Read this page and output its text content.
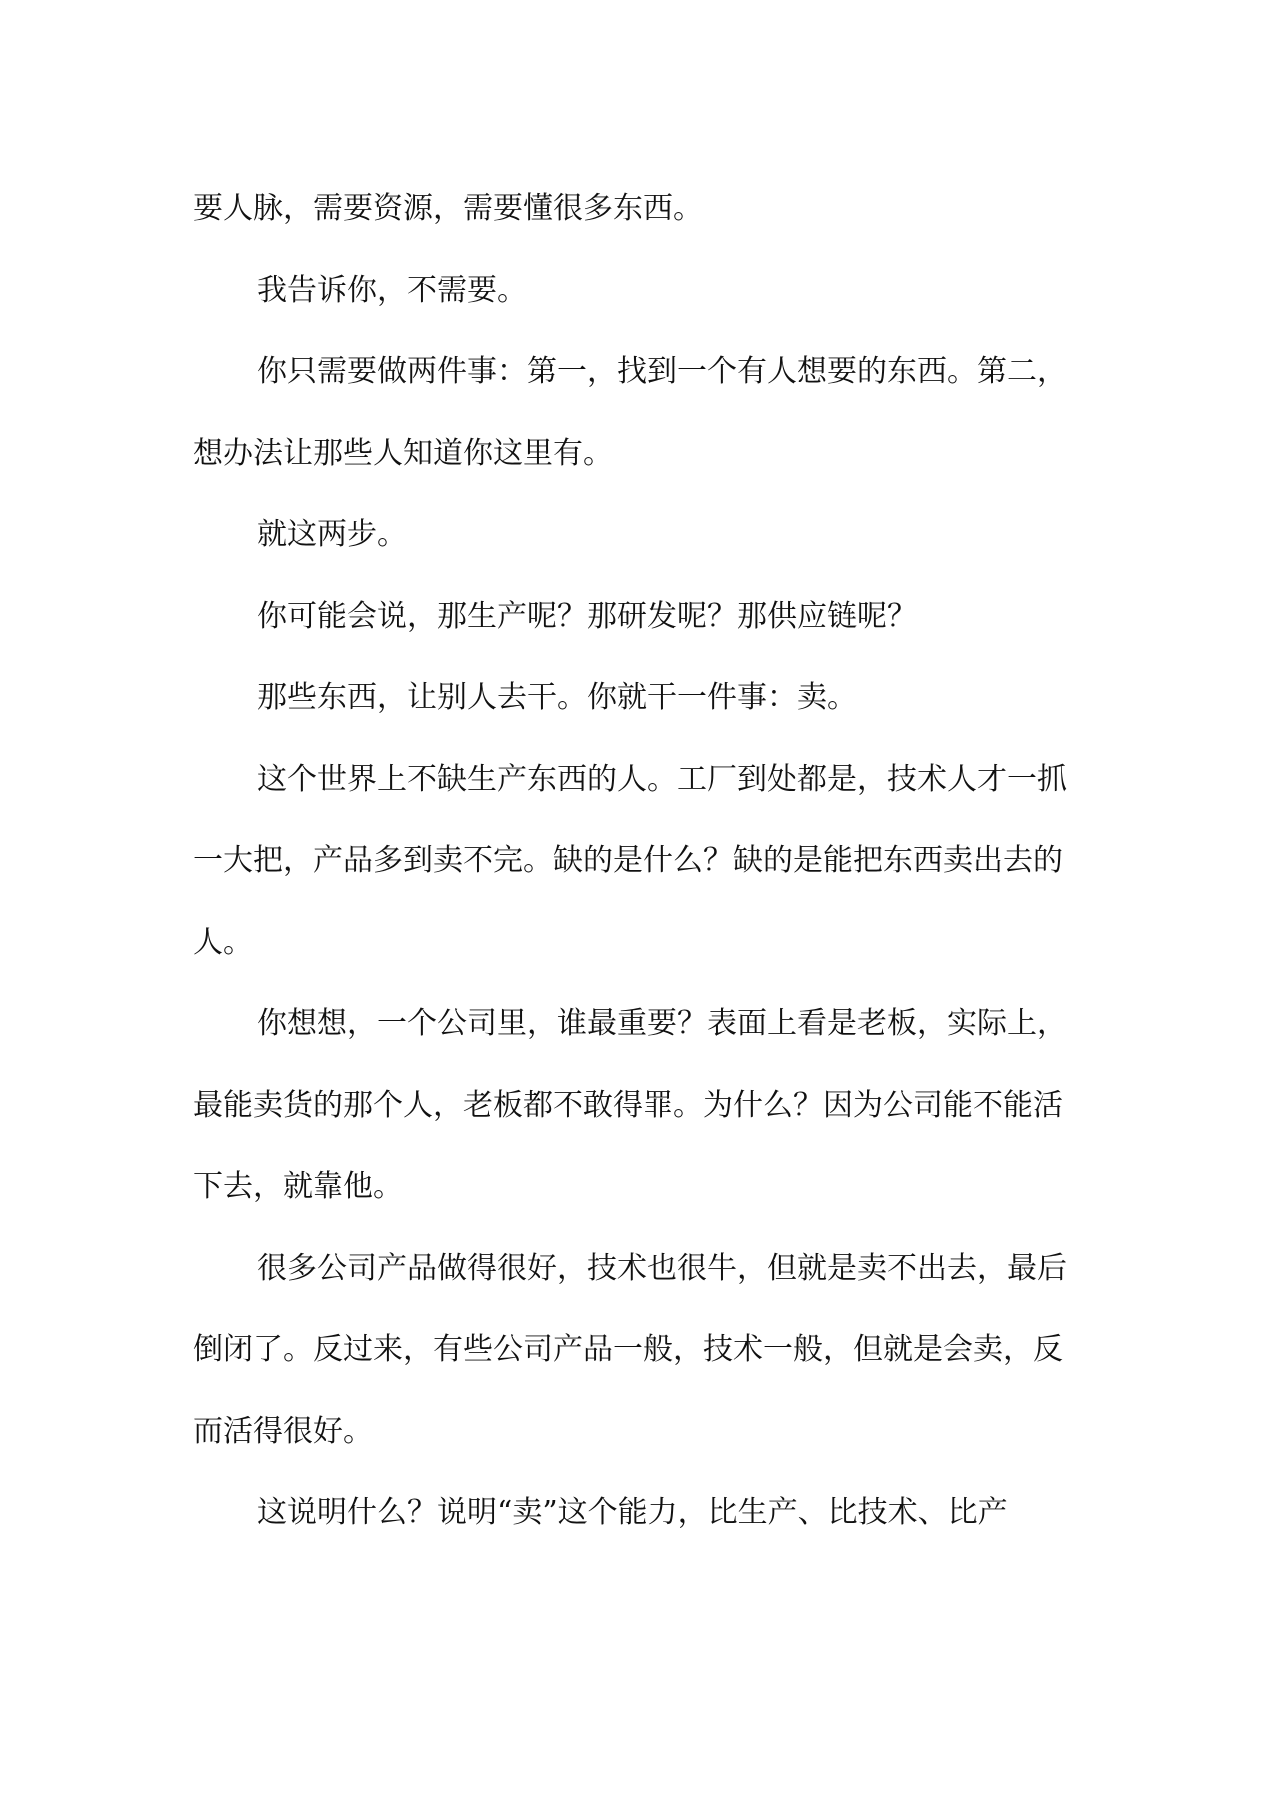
要人脉，需要资源，需要懂很多东西。

我告诉你，不需要。

你只需要做两件事：第一，找到一个有人想要的东西。第二，想办法让那些人知道你这里有。

就这两步。

你可能会说，那生产呢？那研发呢？那供应链呢？

那些东西，让别人去干。你就干一件事：卖。

这个世界上不缺生产东西的人。工厂到处都是，技术人才一抓一大把，产品多到卖不完。缺的是什么？缺的是能把东西卖出去的人。

你想想，一个公司里，谁最重要？表面上看是老板，实际上，最能卖货的那个人，老板都不敢得罪。为什么？因为公司能不能活下去，就靠他。

很多公司产品做得很好，技术也很牛，但就是卖不出去，最后倒闭了。反过来，有些公司产品一般，技术一般，但就是会卖，反而活得很好。

这说明什么？说明“卖”这个能力，比生产、比技术、比产
